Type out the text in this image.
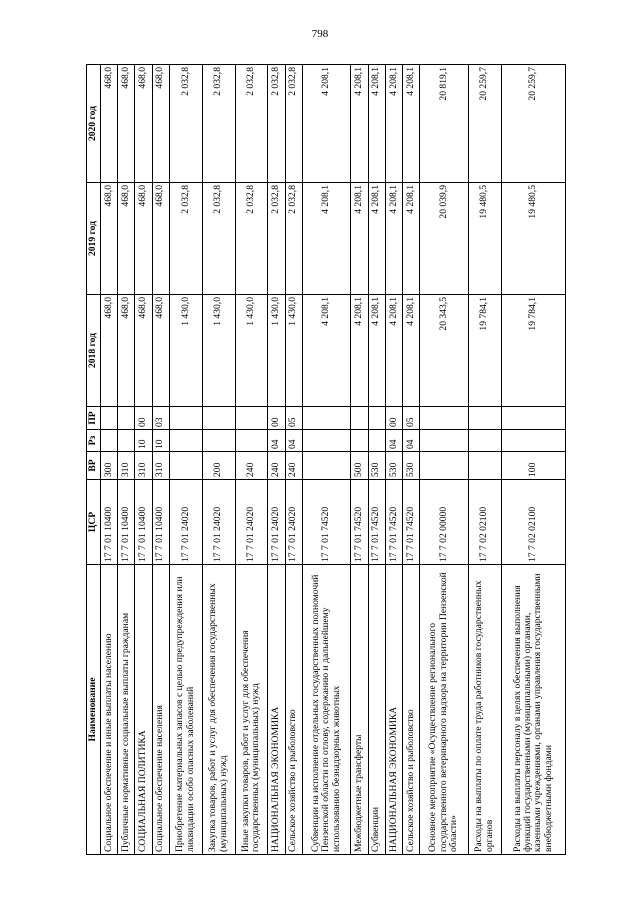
798
Наименование	ЦСР	ВР	Рз	ПР	2018 год	2019 год	2020 год
Социальное обеспечение и иные выплаты населению	17 7 01 10400	300			468,0	468,0	468,0
Публичные нормативные социальные выплаты гражданам	17 7 01 10400	310			468,0	468,0	468,0
СОЦИАЛЬНАЯ ПОЛИТИКА	17 7 01 10400	310	10	00	468,0	468,0	468,0
Социальное обеспечение населения	17 7 01 10400	310	10	03	468,0	468,0	468,0
Приобретение материальных запасов с целью предупреждения или ликвидации особо опасных заболеваний	17 7 01 24020				1 430,0	2 032,8	2 032,8
Закупка товаров, работ и услуг для обеспечения государственных (муниципальных) нужд	17 7 01 24020	200			1 430,0	2 032,8	2 032,8
Иные закупки товаров, работ и услуг для обеспечения государственных (муниципальных) нужд	17 7 01 24020	240			1 430,0	2 032,8	2 032,8
НАЦИОНАЛЬНАЯ ЭКОНОМИКА	17 7 01 24020	240	04	00	1 430,0	2 032,8	2 032,8
Сельское хозяйство и рыболовство	17 7 01 24020	240	04	05	1 430,0	2 032,8	2 032,8
Субвенции на исполнение отдельных государственных полномочий Пензенской области по отлову, содержанию и дальнейшему использованию безнадзорных животных	17 7 01 74520				4 208,1	4 208,1	4 208,1
Межбюджетные трансферты	17 7 01 74520	500			4 208,1	4 208,1	4 208,1
Субвенции	17 7 01 74520	530			4 208,1	4 208,1	4 208,1
НАЦИОНАЛЬНАЯ ЭКОНОМИКА	17 7 01 74520	530	04	00	4 208,1	4 208,1	4 208,1
Сельское хозяйство и рыболовство	17 7 01 74520	530	04	05	4 208,1	4 208,1	4 208,1
Основное мероприятие «Осуществление регионального государственного ветеринарного надзора на территории Пензенской области»	17 7 02 00000				20 343,5	20 039,9	20 819,1
Расходы на выплаты по оплате труда работников государственных органов	17 7 02 02100				19 784,1	19 480,5	20 259,7
Расходы на выплаты персоналу в целях обеспечения выполнения функций государственными (муниципальными) органами, казенными учреждениями, органами управления государственными внебюджетными фондами	17 7 02 02100	100			19 784,1	19 480,5	20 259,7
